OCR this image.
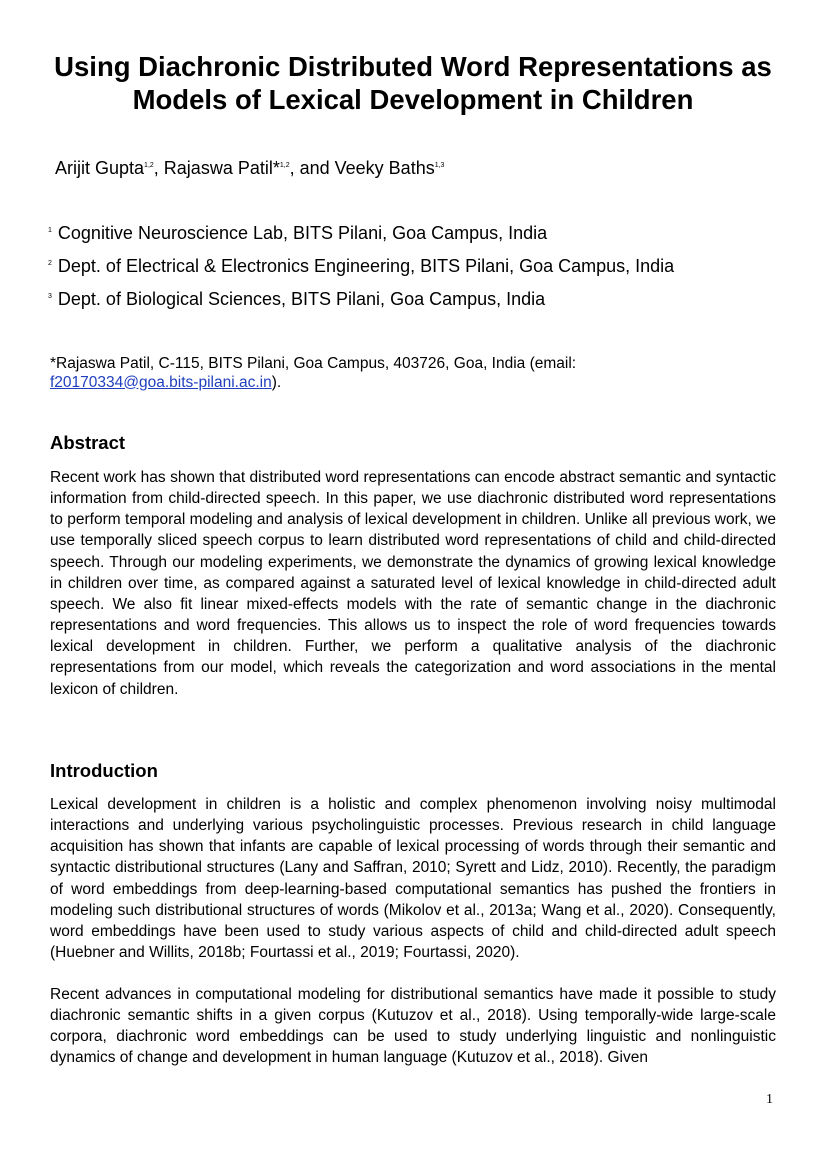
Using Diachronic Distributed Word Representations as Models of Lexical Development in Children
Arijit Gupta$^{1,2}$, Rajaswa Patil*$^{1,2}$, and Veeky Baths$^{1,3}$
$^1$ Cognitive Neuroscience Lab, BITS Pilani, Goa Campus, India
$^2$ Dept. of Electrical & Electronics Engineering, BITS Pilani, Goa Campus, India
$^3$ Dept. of Biological Sciences, BITS Pilani, Goa Campus, India
*Rajaswa Patil, C-115, BITS Pilani, Goa Campus, 403726, Goa, India (email:
f20170334@goa.bits-pilani.ac.in).
Abstract

Recent work has shown that distributed word representations can encode abstract semantic and syntactic information from child-directed speech. In this paper, we use diachronic distributed word representations to perform temporal modeling and analysis of lexical development in children. Unlike all previous work, we use temporally sliced speech corpus to learn distributed word representations of child and child-directed speech. Through our modeling experiments, we demonstrate the dynamics of growing lexical knowledge in children over time, as compared against a saturated level of lexical knowledge in child-directed adult speech. We also fit linear mixed-effects models with the rate of semantic change in the diachronic representations and word frequencies. This allows us to inspect the role of word frequencies towards lexical development in children. Further, we perform a qualitative analysis of the diachronic representations from our model, which reveals the categorization and word associations in the mental lexicon of children.

Introduction

Lexical development in children is a holistic and complex phenomenon involving noisy multimodal interactions and underlying various psycholinguistic processes. Previous research in child language acquisition has shown that infants are capable of lexical processing of words through their semantic and syntactic distributional structures (Lany and Saffran, 2010; Syrett and Lidz, 2010). Recently, the paradigm of word embeddings from deep-learning-based computational semantics has pushed the frontiers in modeling such distributional structures of words (Mikolov et al., 2013a; Wang et al., 2020). Consequently, word embeddings have been used to study various aspects of child and child-directed adult speech (Huebner and Willits, 2018b; Fourtassi et al., 2019; Fourtassi, 2020).

Recent advances in computational modeling for distributional semantics have made it possible to study diachronic semantic shifts in a given corpus (Kutuzov et al., 2018). Using temporally-wide large-scale corpora, diachronic word embeddings can be used to study underlying linguistic and nonlinguistic dynamics of change and development in human language (Kutuzov et al., 2018). Given

1
